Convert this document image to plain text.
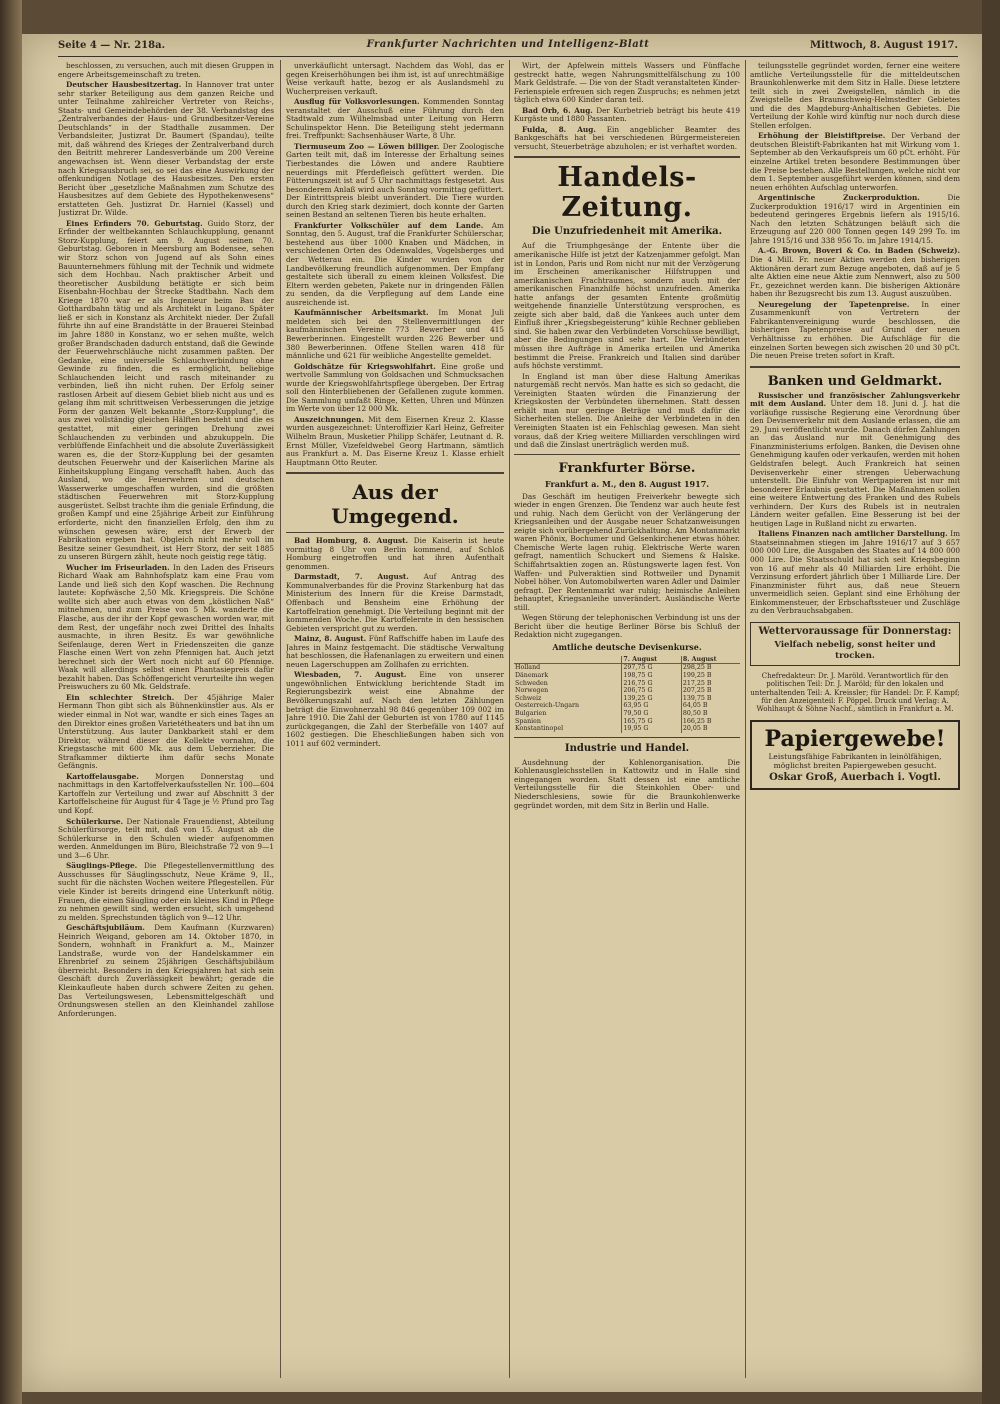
Seite 4 — Nr. 218a.	Frankfurter Nachrichten und Intelligenz-Blatt	Mittwoch, 8. August 1917.

beschlossen, zu versuchen, auch mit diesen Gruppen in engere Arbeitsgemeinschaft zu treten.

Deutscher Hausbesitzertag. In Hannover trat unter sehr starker Beteiligung aus dem ganzen Reiche und unter Teilnahme zahlreicher Vertreter von Reichs-, Staats- und Gemeindebehörden der 38. Verbandstag des „Zentralverbandes der Haus- und Grundbesitzer-Vereine Deutschlands“ in der Stadthalle zusammen. Der Verbandsleiter, Justizrat Dr. Baumert (Spandau), teilte mit, daß während des Krieges der Zentralverband durch den Beitritt mehrerer Landesverbände um 200 Vereine angewachsen ist. Wenn dieser Verbandstag der erste nach Kriegsausbruch sei, so sei das eine Auswirkung der offenkundigen Notlage des Hausbesitzes. Den ersten Bericht über „gesetzliche Maßnahmen zum Schutze des Hausbesitzes auf dem Gebiete des Hypothekenwesens“ erstatteten Geh. Justizrat Dr. Harniel (Kassel) und Justizrat Dr. Wilde.

Eines Erfinders 70. Geburtstag. Guido Storz, der Erfinder der weltbekannten Schlauchkupplung, genannt Storz-Kupplung, feiert am 9. August seinen 70. Geburtstag. Geboren in Meersburg am Bodensee, sehen wir Storz schon von Jugend auf als Sohn eines Bauunternehmers fühlung mit der Technik und widmete sich dem Hochbau. Nach praktischer Arbeit und theoretischer Ausbildung betätigte er sich beim Eisenbahn-Hochbau der Strecke Stadtbahn. Nach dem Kriege 1870 war er als Ingenieur beim Bau der Gotthardbahn tätig und als Architekt in Lugano. Später ließ er sich in Konstanz als Architekt nieder. Der Zufall führte ihn auf eine Brandstätte in der Brauerei Steinbad im Jahre 1880 in Konstanz, wo er sehen mußte, welch großer Brandschaden dadurch entstand, daß die Gewinde der Feuerwehrschläuche nicht zusammen paßten. Der Gedanke, eine universelle Schlauchverbindung ohne Gewinde zu finden, die es ermöglicht, beliebige Schlauchenden leicht und rasch miteinander zu verbinden, ließ ihn nicht ruhen. Der Erfolg seiner rastlosen Arbeit auf diesem Gebiet blieb nicht aus und es gelang ihm mit schrittweisen Verbesserungen die jetzige Form der ganzen Welt bekannte „Storz-Kupplung“, die aus zwei vollständig gleichen Hälften besteht und die es gestattet, mit einer geringen Drehung zwei Schlauchenden zu verbinden und abzukuppeln. Die verblüffende Einfachheit und die absolute Zuverlässigkeit waren es, die der Storz-Kupplung bei der gesamten deutschen Feuerwehr und der Kaiserlichen Marine als Einheitskupplung Eingang verschafft haben. Auch das Ausland, wo die Feuerwehren und deutschen Wasserwerke umgeschaffen wurden, sind die größten städtischen Feuerwehren mit Storz-Kupplung ausgerüstet. Selbst trachte ihm die geniale Erfindung, die großen Kampf und eine 25jährige Arbeit zur Einführung erforderte, nicht den finanziellen Erfolg, den ihm zu wünschen gewesen wäre; erst der Erwerb der Fabrikation ergeben hat. Obgleich nicht mehr voll im Besitze seiner Gesundheit, ist Herr Storz, der seit 1885 zu unseren Bürgern zählt, heute noch geistig rege tätig.

Wucher im Friseurladen. In den Laden des Friseurs Richard Waak am Bahnhofsplatz kam eine Frau vom Lande und ließ sich den Kopf waschen. Die Rechnung lautete: Kopfwäsche 2,50 Mk. Kriegspreis. Die Schöne wollte sich aber auch etwas von dem „köstlichen Naß“ mitnehmen, und zum Preise von 5 Mk. wanderte die Flasche, aus der ihr der Kopf gewaschen worden war, mit dem Rest, der ungefähr noch zwei Drittel des Inhalts ausmachte, in ihren Besitz. Es war gewöhnliche Seifenlauge, deren Wert in Friedenszeiten die ganze Flasche einen Wert von zehn Pfennigen hat. Auch jetzt berechnet sich der Wert noch nicht auf 60 Pfennige. Waak will allerdings selbst einen Phantasiepreis dafür bezahlt haben. Das Schöffengericht verurteilte ihn wegen Preiswuchers zu 60 Mk. Geldstrafe.

Ein schlechter Streich. Der 45jährige Maler Hermann Thon gibt sich als Bühnenkünstler aus. Als er wieder einmal in Not war, wandte er sich eines Tages an den Direktor eines großen Varietétheaters und bat ihn um Unterstützung. Aus lauter Dankbarkeit stahl er dem Direktor, während dieser die Kollekte vornahm, die Kriegstasche mit 600 Mk. aus dem Ueberzieher. Die Strafkammer diktierte ihm dafür sechs Monate Gefängnis.

Kartoffelausgabe. Morgen Donnerstag und nachmittags in den Kartoffelverkaufsstellen Nr. 100—604 Kartoffeln zur Verteilung und zwar auf Abschnitt 3 der Kartoffelscheine für August für 4 Tage je ½ Pfund pro Tag und Kopf.

Schülerkurse. Der Nationale Frauendienst, Abteilung Schülerfürsorge, teilt mit, daß von 15. August ab die Schülerkurse in den Schulen wieder aufgenommen werden. Anmeldungen im Büro, Bleichstraße 72 von 9—1 und 3—6 Uhr.

Säuglings-Pflege. Die Pflegestellenvermittlung des Ausschusses für Säuglingsschutz, Neue Kräme 9, II., sucht für die nächsten Wochen weitere Pflegestellen. Für viele Kinder ist bereits dringend eine Unterkunft nötig. Frauen, die einen Säugling oder ein kleines Kind in Pflege zu nehmen gewillt sind, werden ersucht, sich umgehend zu melden. Sprechstunden täglich von 9—12 Uhr.

Geschäftsjubiläum. Dem Kaufmann (Kurzwaren) Heinrich Weigand, geboren am 14. Oktober 1870, in Sondern, wohnhaft in Frankfurt a. M., Mainzer Landstraße, wurde von der Handelskammer ein Ehrenbrief zu seinem 25jährigen Geschäftsjubiläum überreicht. Besonders in den Kriegsjahren hat sich sein Geschäft durch Zuverlässigkeit bewährt; gerade die Kleinkaufleute haben durch schwere Zeiten zu gehen. Das Verteilungswesen, Lebensmittelgeschäft und Ordnungswesen stellen an den Kleinhandel zahllose Anforderungen.

unverkäuflicht untersagt. Nachdem das Wohl, das er gegen Kreiserhöhungen bei ihm ist, ist auf unrechtmäßige Weise verkauft hatte, bezog er als Auslandsmehl zu Wucherpreisen verkauft.

Ausflug für Volksvorlesungen. Kommenden Sonntag veranstaltet der Ausschuß eine Führung durch den Stadtwald zum Wilhelmsbad unter Leitung von Herrn Schulinspektor Henn. Die Beteiligung steht jedermann frei. Treffpunkt: Sachsenhäuser Warte, 8 Uhr.

Tiermuseum Zoo — Löwen billiger. Der Zoologische Garten teilt mit, daß im Interesse der Erhaltung seines Tierbestandes die Löwen und andere Raubtiere neuerdings mit Pferdefleisch gefüttert werden. Die Fütterungszeit ist auf 5 Uhr nachmittags festgesetzt. Aus besonderem Anlaß wird auch Sonntag vormittag gefüttert. Der Eintrittspreis bleibt unverändert. Die Tiere wurden durch den Krieg stark dezimiert, doch konnte der Garten seinen Bestand an seltenen Tieren bis heute erhalten.

Frankfurter Volkschüler auf dem Lande. Am Sonntag, den 5. August, traf die Frankfurter Schülerschar, bestehend aus über 1000 Knaben und Mädchen, in verschiedenen Orten des Odenwaldes, Vogelsberges und der Wetterau ein. Die Kinder wurden von der Landbevölkerung freundlich aufgenommen. Der Empfang gestaltete sich überall zu einem kleinen Volksfest. Die Eltern werden gebeten, Pakete nur in dringenden Fällen zu senden, da die Verpflegung auf dem Lande eine ausreichende ist.

Kaufmännischer Arbeitsmarkt. Im Monat Juli meldeten sich bei den Stellenvermittlungen der kaufmännischen Vereine 773 Bewerber und 415 Bewerberinnen. Eingestellt wurden 226 Bewerber und 380 Bewerberinnen. Offene Stellen waren 418 für männliche und 621 für weibliche Angestellte gemeldet.

Goldschätze für Kriegswohlfahrt. Eine große und wertvolle Sammlung von Goldsachen und Schmucksachen wurde der Kriegswohlfahrtspflege übergeben. Der Ertrag soll den Hinterbliebenen der Gefallenen zugute kommen. Die Sammlung umfaßt Ringe, Ketten, Uhren und Münzen im Werte von über 12 000 Mk.

Auszeichnungen. Mit dem Eisernen Kreuz 2. Klasse wurden ausgezeichnet: Unteroffizier Karl Heinz, Gefreiter Wilhelm Braun, Musketier Philipp Schäfer, Leutnant d. R. Ernst Müller, Vizefeldwebel Georg Hartmann, sämtlich aus Frankfurt a. M. Das Eiserne Kreuz 1. Klasse erhielt Hauptmann Otto Reuter.

Aus der Umgegend.

Bad Homburg, 8. August. Die Kaiserin ist heute vormittag 8 Uhr von Berlin kommend, auf Schloß Homburg eingetroffen und hat ihren Aufenthalt genommen.

Darmstadt, 7. August. Auf Antrag des Kommunalverbandes für die Provinz Starkenburg hat das Ministerium des Innern für die Kreise Darmstadt, Offenbach und Bensheim eine Erhöhung der Kartoffelration genehmigt. Die Verteilung beginnt mit der kommenden Woche. Die Kartoffelernte in den hessischen Gebieten verspricht gut zu werden.

Mainz, 8. August. Fünf Raffschiffe haben im Laufe des Jahres in Mainz festgemacht. Die städtische Verwaltung hat beschlossen, die Hafenanlagen zu erweitern und einen neuen Lagerschuppen am Zollhafen zu errichten.

Wiesbaden, 7. August. Eine von unserer ungewöhnlichen Entwicklung berichtende Stadt im Regierungsbezirk weist eine Abnahme der Bevölkerungszahl auf. Nach den letzten Zählungen beträgt die Einwohnerzahl 98 846 gegenüber 109 002 im Jahre 1910. Die Zahl der Geburten ist von 1780 auf 1145 zurückgegangen, die Zahl der Sterbefälle von 1407 auf 1602 gestiegen. Die Eheschließungen haben sich von 1011 auf 602 vermindert.

Wirt, der Apfelwein mittels Wassers und Fünffache gestreckt hatte, wegen Nahrungsmittelfälschung zu 100 Mark Geldstrafe. — Die von der Stadt veranstalteten Kinder-Ferienspiele erfreuen sich regen Zuspruchs; es nehmen jetzt täglich etwa 600 Kinder daran teil.

Bad Orb, 6. Aug. Der Kurbetrieb beträgt bis heute 419 Kurgäste und 1880 Passanten.

Fulda, 8. Aug. Ein angeblicher Beamter des Bankgeschäfts hat bei verschiedenen Bürgermeistereien versucht, Steuerbeträge abzuholen; er ist verhaftet worden.

Handels-Zeitung.
Die Unzufriedenheit mit Amerika.

Auf die Triumphgesänge der Entente über die amerikanische Hilfe ist jetzt der Katzenjammer gefolgt. Man ist in London, Paris und Rom nicht nur mit der Verzögerung im Erscheinen amerikanischer Hilfstruppen und amerikanischen Frachtraumes, sondern auch mit der amerikanischen Finanzhilfe höchst unzufrieden. Amerika hatte anfangs der gesamten Entente großmütig weitgehende finanzielle Unterstützung versprochen, es zeigte sich aber bald, daß die Yankees auch unter dem Einfluß ihrer „Kriegsbegeisterung“ kühle Rechner geblieben sind. Sie haben zwar den Verbündeten Vorschüsse bewilligt, aber die Bedingungen sind sehr hart. Die Verbündeten müssen ihre Aufträge in Amerika erteilen und Amerika bestimmt die Preise. Frankreich und Italien sind darüber aufs höchste verstimmt.

In England ist man über diese Haltung Amerikas naturgemäß recht nervös. Man hatte es sich so gedacht, die Vereinigten Staaten würden die Finanzierung der Kriegskosten der Verbündeten übernehmen. Statt dessen erhält man nur geringe Beträge und muß dafür die Sicherheiten stellen. Die Anleihe der Verbündeten in den Vereinigten Staaten ist ein Fehlschlag gewesen. Man sieht voraus, daß der Krieg weitere Milliarden verschlingen wird und daß die Zinslast unerträglich werden muß.

Frankfurter Börse.
Frankfurt a. M., den 8. August 1917.

Das Geschäft im heutigen Freiverkehr bewegte sich wieder in engen Grenzen. Die Tendenz war auch heute fest und ruhig. Nach dem Gerücht von der Verlängerung der Kriegsanleihen und der Ausgabe neuer Schatzanweisungen zeigte sich vorübergehend Zurückhaltung. Am Montanmarkt waren Phönix, Bochumer und Gelsenkirchener etwas höher. Chemische Werte lagen ruhig. Elektrische Werte waren gefragt, namentlich Schuckert und Siemens & Halske. Schiffahrtsaktien zogen an. Rüstungswerte lagen fest. Von Waffen- und Pulveraktien sind Rottweiler und Dynamit Nobel höher. Von Automobilwerten waren Adler und Daimler gefragt. Der Rentenmarkt war ruhig; heimische Anleihen behauptet, Kriegsanleihe unverändert. Ausländische Werte still.

Wegen Störung der telephonischen Verbindung ist uns der Bericht über die heutige Berliner Börse bis Schluß der Redaktion nicht zugegangen.

Amtliche deutsche Devisenkurse.
	7. August	8. August
Holland	297,75 G	298,25 B
Dänemark	198,75 G	199,25 B
Schweden	216,75 G	217,25 B
Norwegen	206,75 G	207,25 B
Schweiz	139,25 G	139,75 B
Oesterreich-Ungarn	63,95 G	64,05 B
Bulgarien	79,50 G	80,50 B
Spanien	165,75 G	166,25 B
Konstantinopel	19,95 G	20,05 B
Industrie und Handel.

Ausdehnung der Kohlenorganisation. Die Kohlenausgleichsstellen in Kattowitz und in Halle sind eingegangen worden. Statt dessen ist eine amtliche Verteilungsstelle für die Steinkohlen Ober- und Niederschlesiens, sowie für die Braunkohlenwerke gegründet worden, mit dem Sitz in Berlin und Halle.

teilungsstelle gegründet worden, ferner eine weitere amtliche Verteilungsstelle für die mitteldeutschen Braunkohlenwerke mit dem Sitz in Halle. Diese letztere teilt sich in zwei Zweigstellen, nämlich in die Zweigstelle des Braunschweig-Helmstedter Gebietes und die des Magdeburg-Anhaltischen Gebietes. Die Verteilung der Kohle wird künftig nur noch durch diese Stellen erfolgen.

Erhöhung der Bleistiftpreise. Der Verband der deutschen Bleistift-Fabrikanten hat mit Wirkung vom 1. September ab den Verkaufspreis um 60 pCt. erhöht. Für einzelne Artikel treten besondere Bestimmungen über die Preise bestehen. Alle Bestellungen, welche nicht vor dem 1. September ausgeführt werden können, sind dem neuen erhöhten Aufschlag unterworfen.

Argentinische Zuckerproduktion.	Die Zuckerproduktion 1916/17 wird in Argentinien ein bedeutend geringeres Ergebnis liefern als 1915/16. Nach den letzten Schätzungen beläuft sich die Erzeugung auf 220 000 Tonnen gegen 149 299 To. im Jahre 1915/16 und 338 956 To. im Jahre 1914/15.

A.-G. Brown, Boveri & Co. in Baden (Schweiz). Die 4 Mill. Fr. neuer Aktien werden den bisherigen Aktionären derart zum Bezuge angeboten, daß auf je 5 alte Aktien eine neue Aktie zum Nennwert, also zu 500 Fr., gezeichnet werden kann. Die bisherigen Aktionäre haben ihr Bezugsrecht bis zum 13. August auszuüben.

Neuregelung der Tapetenpreise. In einer Zusammenkunft von Vertretern der Fabrikantenvereinigung wurde beschlossen, die bisherigen Tapetenpreise auf Grund der neuen Verhältnisse zu erhöhen. Die Aufschläge für die einzelnen Sorten bewegen sich zwischen 20 und 30 pCt. Die neuen Preise treten sofort in Kraft.

Banken und Geldmarkt.

Russischer und französischer Zahlungsverkehr mit dem Ausland. Unter dem 18. Juni d. J. hat die vorläufige russische Regierung eine Verordnung über den Devisenverkehr mit dem Auslande erlassen, die am 29. Juni veröffentlicht wurde. Danach dürfen Zahlungen an das Ausland nur mit Genehmigung des Finanzministeriums erfolgen. Banken, die Devisen ohne Genehmigung kaufen oder verkaufen, werden mit hohen Geldstrafen belegt. Auch Frankreich hat seinen Devisenverkehr einer strengen Ueberwachung unterstellt. Die Einfuhr von Wertpapieren ist nur mit besonderer Erlaubnis gestattet. Die Maßnahmen sollen eine weitere Entwertung des Franken und des Rubels verhindern. Der Kurs des Rubels ist in neutralen Ländern weiter gefallen. Eine Besserung ist bei der heutigen Lage in Rußland nicht zu erwarten.

Italiens Finanzen nach amtlicher Darstellung. Im Staatseinnahmen stiegen im Jahre 1916/17 auf 3 657 000 000 Lire, die Ausgaben des Staates auf 14 800 000 000 Lire. Die Staatsschuld hat sich seit Kriegsbeginn von 16 auf mehr als 40 Milliarden Lire erhöht. Die Verzinsung erfordert jährlich über 1 Milliarde Lire. Der Finanzminister führt aus, daß neue Steuern unvermeidlich seien. Geplant sind eine Erhöhung der Einkommensteuer, der Erbschaftssteuer und Zuschläge zu den Verbrauchsabgaben.

Wettervoraussage für Donnerstag:
Vielfach nebelig, sonst heiter und trocken.
Chefredakteur: Dr. J. Maröld. Verantwortlich für den politischen Teil: Dr. J. Maröld; für den lokalen und unterhaltenden Teil: A. Kreissler; für Handel: Dr. F. Kampf; für den Anzeigenteil: F. Pöppel. Druck und Verlag: A. Wohlhaupt & Söhne Nachf., sämtlich in Frankfurt a. M.
Papiergewebe!
Leistungsfähige Fabrikanten in leinölfähigen, möglichst breiten Papiergeweben gesucht.
Oskar Groß, Auerbach i. Vogtl.
